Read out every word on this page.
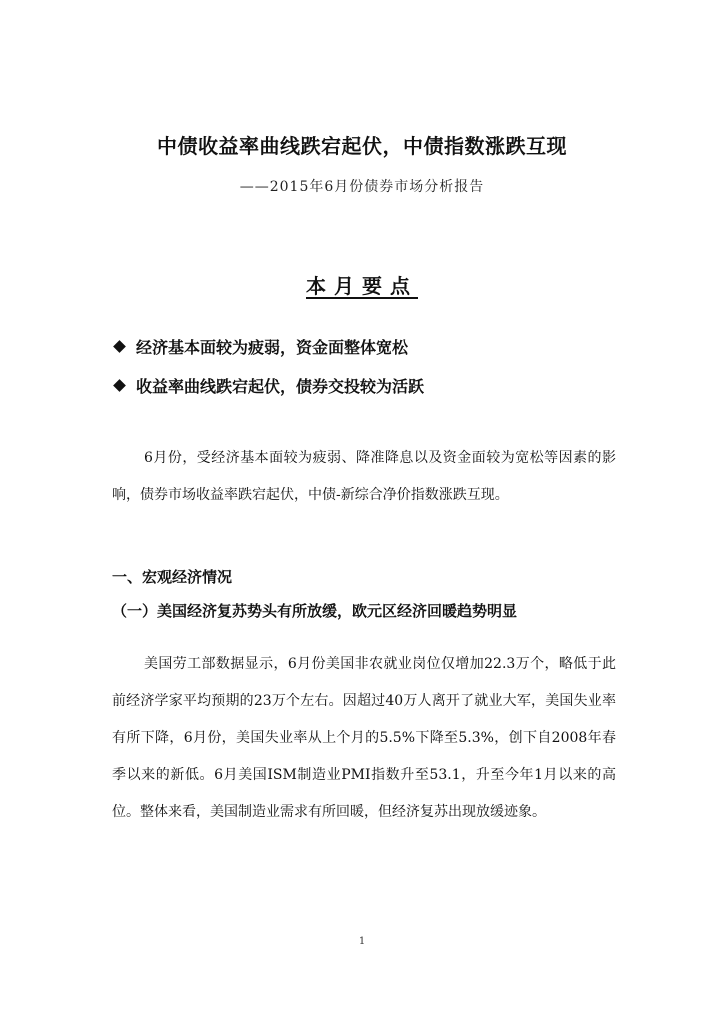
中债收益率曲线跌宕起伏，中债指数涨跌互现
——2015年6月份债券市场分析报告
本月要点
经济基本面较为疲弱，资金面整体宽松
收益率曲线跌宕起伏，债券交投较为活跃
6月份，受经济基本面较为疲弱、降准降息以及资金面较为宽松等因素的影响，债券市场收益率跌宕起伏，中债-新综合净价指数涨跌互现。
一、宏观经济情况
（一）美国经济复苏势头有所放缓，欧元区经济回暖趋势明显
美国劳工部数据显示，6月份美国非农就业岗位仅增加22.3万个，略低于此前经济学家平均预期的23万个左右。因超过40万人离开了就业大军，美国失业率有所下降，6月份，美国失业率从上个月的5.5%下降至5.3%，创下自2008年春季以来的新低。6月美国ISM制造业PMI指数升至53.1，升至今年1月以来的高位。整体来看，美国制造业需求有所回暖，但经济复苏出现放缓迹象。
1
